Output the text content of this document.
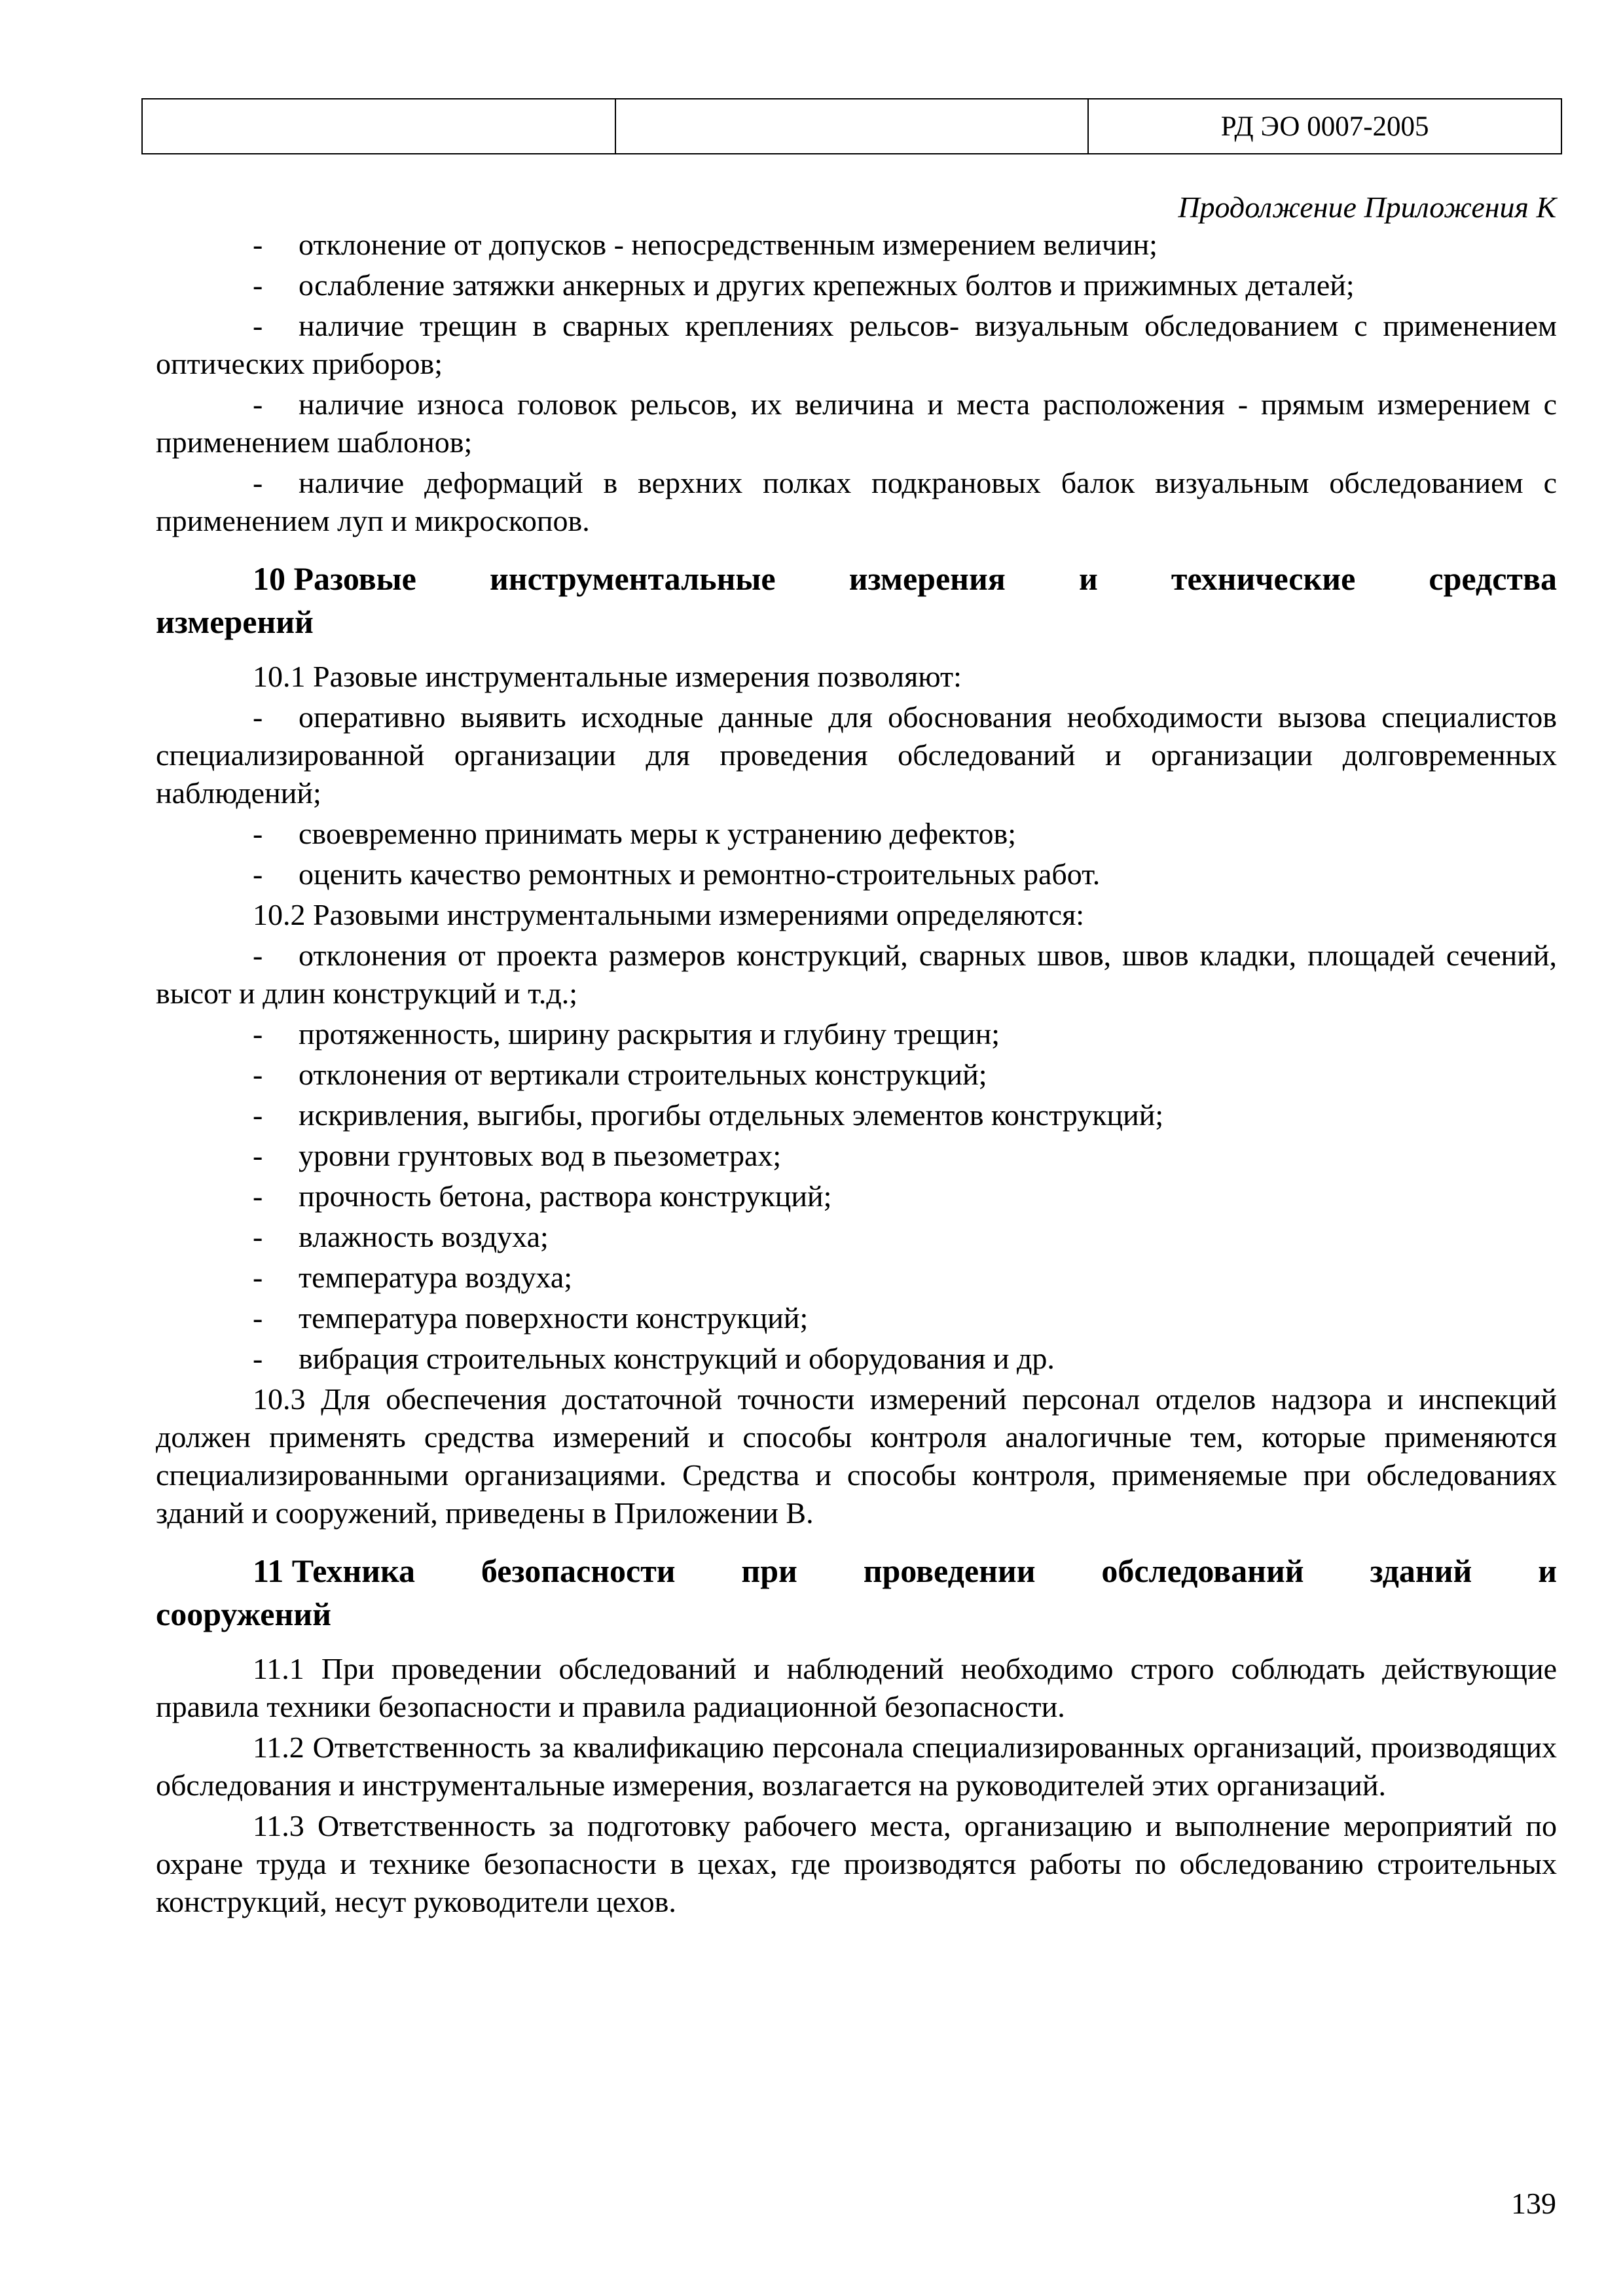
		РД ЭО 0007-2005

Продолжение Приложения К

- отклонение от допусков - непосредственным измерением величин;

- ослабление затяжки анкерных и других крепежных болтов и прижимных деталей;

- наличие трещин в сварных креплениях рельсов- визуальным обследованием с применением оптических приборов;

- наличие износа головок рельсов, их величина и места расположения - прямым измерением с применением шаблонов;

- наличие деформаций в верхних полках подкрановых балок визуальным обследованием с применением луп и микроскопов.

10 Разовые инструментальные измерения и технические средства
измерений

10.1 Разовые инструментальные измерения позволяют:

- оперативно выявить исходные данные для обоснования необходимости вызова специалистов специализированной организации для проведения обследований и организации долговременных наблюдений;

- своевременно принимать меры к устранению дефектов;

- оценить качество ремонтных и ремонтно-строительных работ.

10.2 Разовыми инструментальными измерениями определяются:

- отклонения от проекта размеров конструкций, сварных швов, швов кладки, площадей сечений, высот и длин конструкций и т.д.;

- протяженность, ширину раскрытия и глубину трещин;

- отклонения от вертикали строительных конструкций;

- искривления, выгибы, прогибы отдельных элементов конструкций;

- уровни грунтовых вод в пьезометрах;

- прочность бетона, раствора конструкций;

- влажность воздуха;

- температура воздуха;

- температура поверхности конструкций;

- вибрация строительных конструкций и оборудования и др.

10.3 Для обеспечения достаточной точности измерений персонал отделов надзора и инспекций должен применять средства измерений и способы контроля аналогичные тем, которые применяются специализированными организациями. Средства и способы контроля, применяемые при обследованиях зданий и сооружений, приведены в Приложении В.

11 Техника безопасности при проведении обследований зданий и
сооружений

11.1 При проведении обследований и наблюдений необходимо строго соблюдать действующие правила техники безопасности и правила радиационной безопасности.

11.2 Ответственность за квалификацию персонала специализированных организаций, производящих обследования и инструментальные измерения, возлагается на руководителей этих организаций.

11.3 Ответственность за подготовку рабочего места, организацию и выполнение мероприятий по охране труда и технике безопасности в цехах, где производятся работы по обследованию строительных конструкций, несут руководители цехов.

139
